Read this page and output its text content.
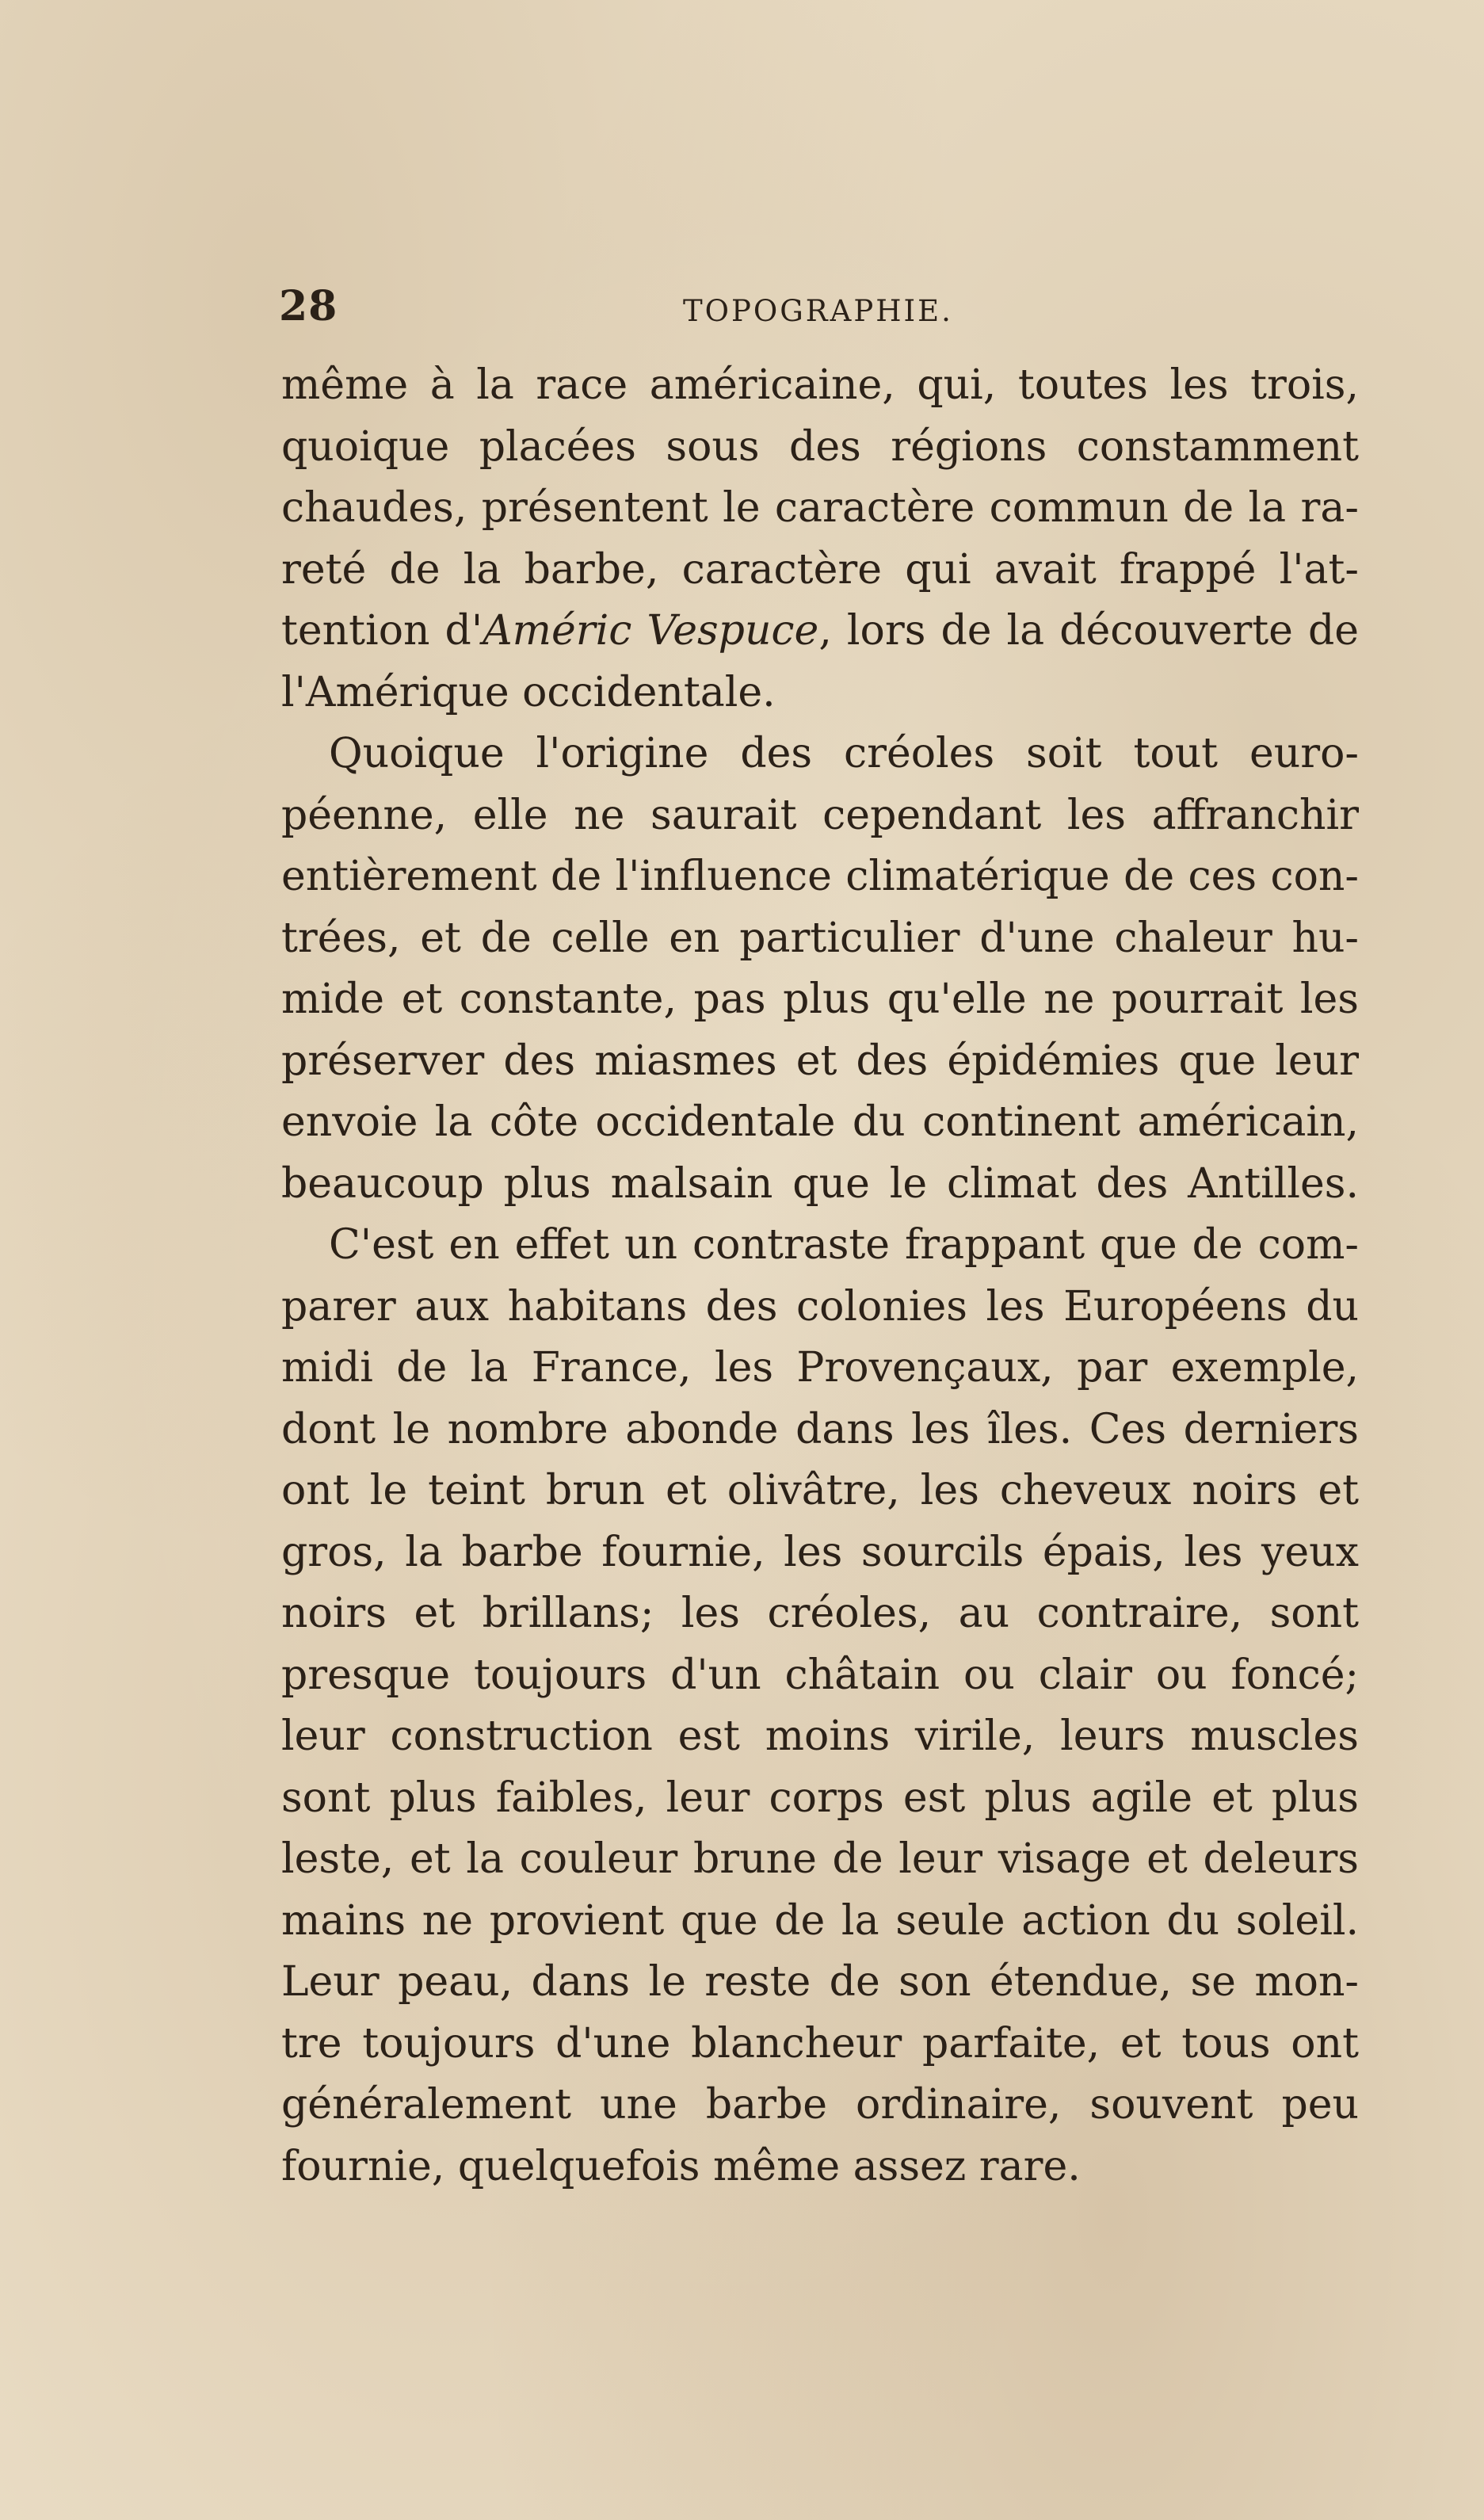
28	TOPOGRAPHIE.
même à la race américaine, qui, toutes les trois,
quoique placées sous des régions constamment
chaudes, présentent le caractère commun de la ra-
reté de la barbe, caractère qui avait frappé l'at-
tention d'Améric Vespuce, lors de la découverte de
l'Amérique occidentale.
Quoique l'origine des créoles soit tout euro-
péenne, elle ne saurait cependant les affranchir
entièrement de l'influence climatérique de ces con-
trées, et de celle en particulier d'une chaleur hu-
mide et constante, pas plus qu'elle ne pourrait les
préserver des miasmes et des épidémies que leur
envoie la côte occidentale du continent américain,
beaucoup plus malsain que le climat des Antilles.
C'est en effet un contraste frappant que de com-
parer aux habitans des colonies les Européens du
midi de la France, les Provençaux, par exemple,
dont le nombre abonde dans les îles. Ces derniers
ont le teint brun et olivâtre, les cheveux noirs et
gros, la barbe fournie, les sourcils épais, les yeux
noirs et brillans; les créoles, au contraire, sont
presque toujours d'un châtain ou clair ou foncé;
leur construction est moins virile, leurs muscles
sont plus faibles, leur corps est plus agile et plus
leste, et la couleur brune de leur visage et deleurs
mains ne provient que de la seule action du soleil.
Leur peau, dans le reste de son étendue, se mon-
tre toujours d'une blancheur parfaite, et tous ont
généralement une barbe ordinaire, souvent peu
fournie, quelquefois même assez rare.
